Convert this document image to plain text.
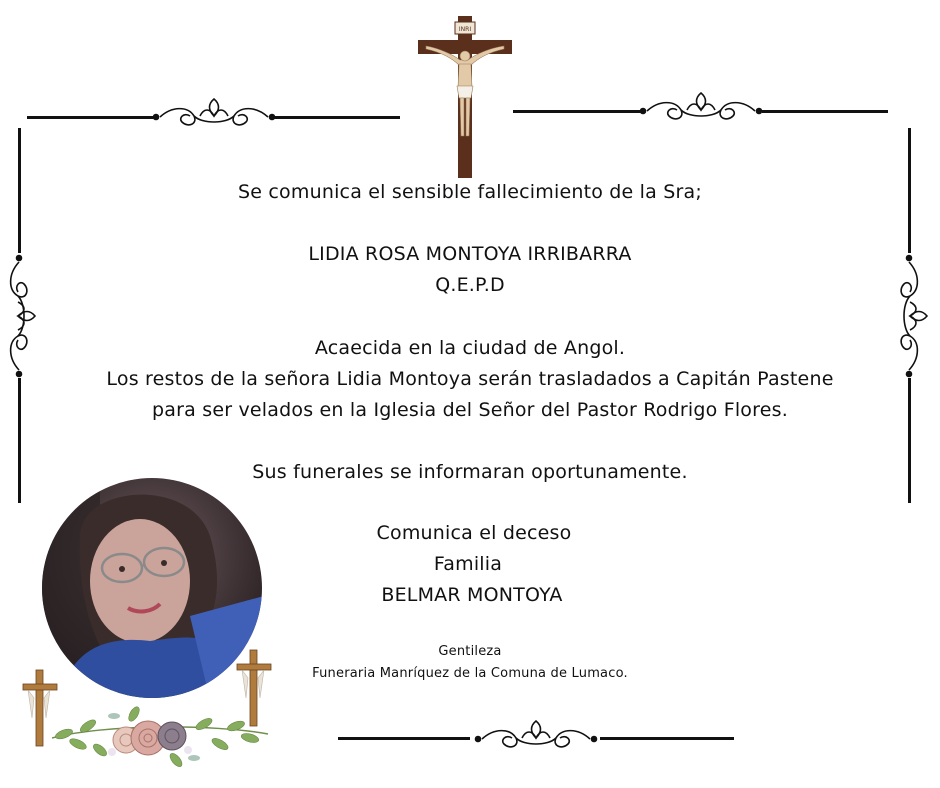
INRI
Se comunica el sensible fallecimiento de la Sra;
LIDIA ROSA MONTOYA IRRIBARRA
Q.E.P.D
Acaecida en la ciudad de Angol.
Los restos de la señora Lidia Montoya serán trasladados a Capitán Pastene
para ser velados en la Iglesia del Señor del Pastor Rodrigo Flores.
Sus funerales se informaran oportunamente.
Comunica el deceso
Familia
BELMAR MONTOYA
Gentileza
Funeraria Manríquez de la Comuna de Lumaco.
